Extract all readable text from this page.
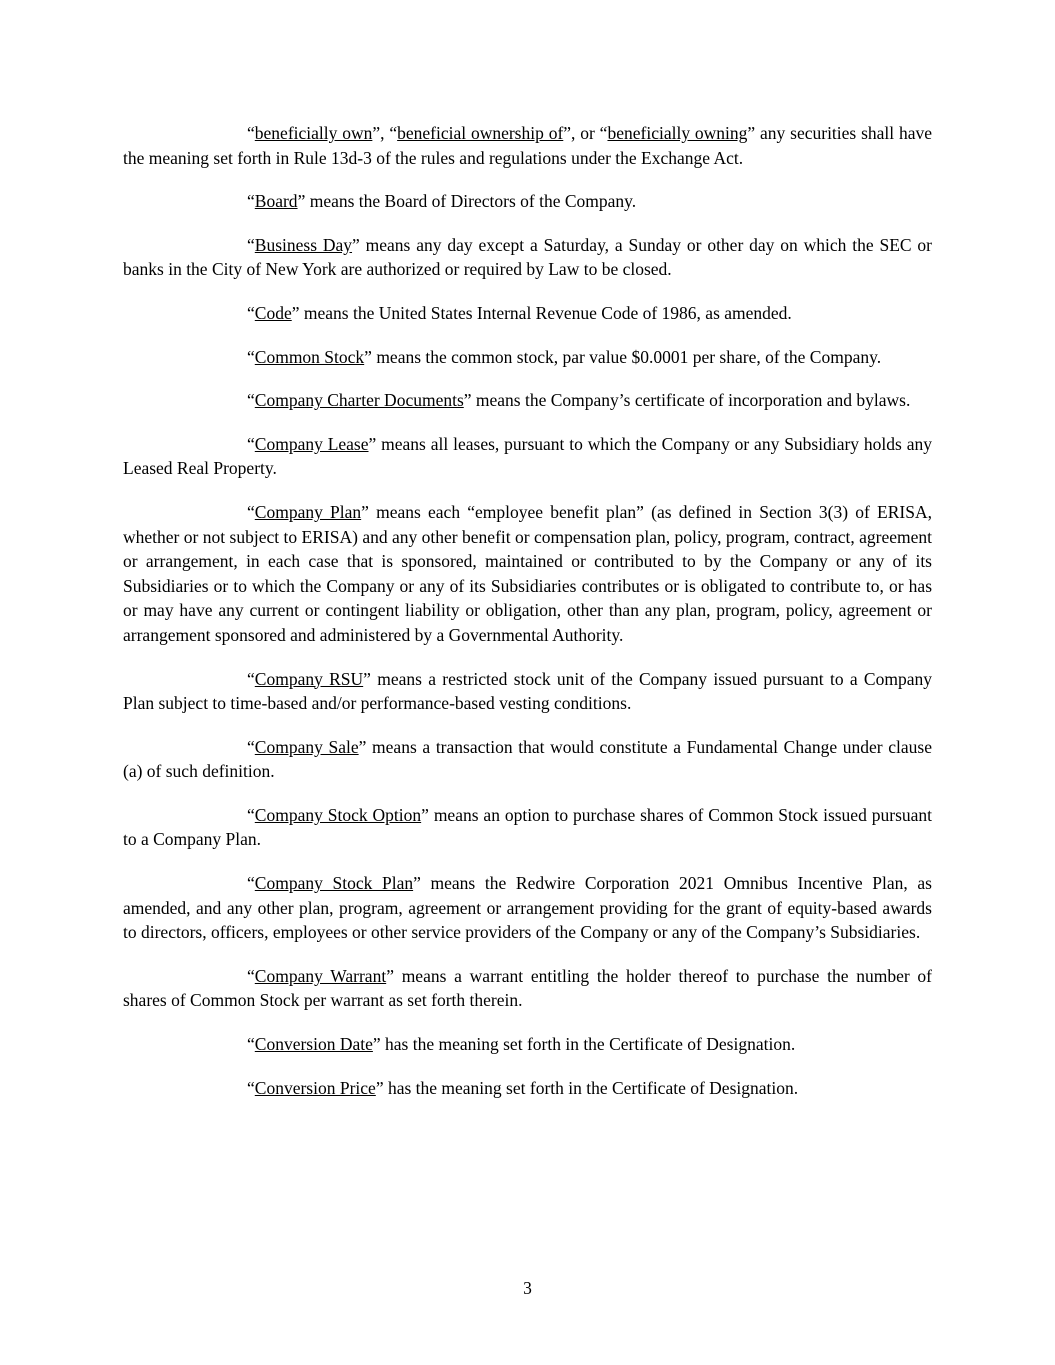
“beneficially own”, “beneficial ownership of”, or “beneficially owning” any securities shall have the meaning set forth in Rule 13d-3 of the rules and regulations under the Exchange Act.

“Board” means the Board of Directors of the Company.

“Business Day” means any day except a Saturday, a Sunday or other day on which the SEC or banks in the City of New York are authorized or required by Law to be closed.

“Code” means the United States Internal Revenue Code of 1986, as amended.

“Common Stock” means the common stock, par value $0.0001 per share, of the Company.

“Company Charter Documents” means the Company’s certificate of incorporation and bylaws.

“Company Lease” means all leases, pursuant to which the Company or any Subsidiary holds any Leased Real Property.

“Company Plan” means each “employee benefit plan” (as defined in Section 3(3) of ERISA, whether or not subject to ERISA) and any other benefit or compensation plan, policy, program, contract, agreement or arrangement, in each case that is sponsored, maintained or contributed to by the Company or any of its Subsidiaries or to which the Company or any of its Subsidiaries contributes or is obligated to contribute to, or has or may have any current or contingent liability or obligation, other than any plan, program, policy, agreement or arrangement sponsored and administered by a Governmental Authority.

“Company RSU” means a restricted stock unit of the Company issued pursuant to a Company Plan subject to time-based and/or performance-based vesting conditions.

“Company Sale” means a transaction that would constitute a Fundamental Change under clause (a) of such definition.

“Company Stock Option” means an option to purchase shares of Common Stock issued pursuant to a Company Plan.

“Company Stock Plan” means the Redwire Corporation 2021 Omnibus Incentive Plan, as amended, and any other plan, program, agreement or arrangement providing for the grant of equity-based awards to directors, officers, employees or other service providers of the Company or any of the Company’s Subsidiaries.

“Company Warrant” means a warrant entitling the holder thereof to purchase the number of shares of Common Stock per warrant as set forth therein.

“Conversion Date” has the meaning set forth in the Certificate of Designation.

“Conversion Price” has the meaning set forth in the Certificate of Designation.

3
